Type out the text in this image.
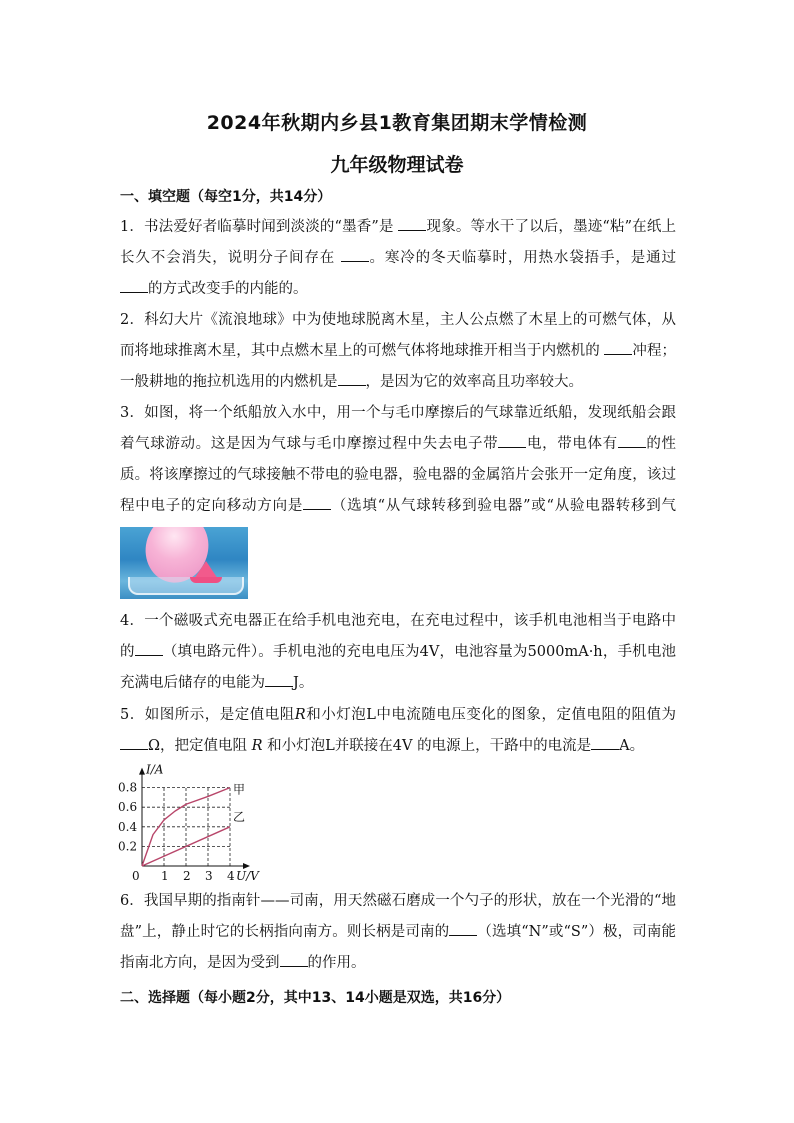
2024年秋期内乡县1教育集团期末学情检测
九年级物理试卷
一、填空题（每空1分，共14分）
1．书法爱好者临摹时闻到淡淡的“墨香”是 现象。等水干了以后，墨迹“粘”在纸上长久不会消失，说明分子间存在 。寒冷的冬天临摹时，用热水袋捂手，是通过 的方式改变手的内能的。
2．科幻大片《流浪地球》中为使地球脱离木星，主人公点燃了木星上的可燃气体，从而将地球推离木星，其中点燃木星上的可燃气体将地球推开相当于内燃机的 冲程；一般耕地的拖拉机选用的内燃机是 ，是因为它的效率高且功率较大。
3．如图，将一个纸船放入水中，用一个与毛巾摩擦后的气球靠近纸船，发现纸船会跟着气球游动。这是因为气球与毛巾摩擦过程中失去电子带 电，带电体有 的性质。将该摩擦过的气球接触不带电的验电器，验电器的金属箔片会张开一定角度，该过程中电子的定向移动方向是 （选填“从气球转移到验电器”或“从验电器转移到气
4．一个磁吸式充电器正在给手机电池充电，在充电过程中，该手机电池相当于电路中的 （填电路元件）。手机电池的充电电压为4V，电池容量为5000mA·h，手机电池充满电后储存的电能为 J。
5．如图所示，是定值电阻R和小灯泡L中电流随电压变化的图象，定值电阻的阻值为Ω，把定值电阻 R 和小灯泡L并联接在4V 的电源上，干路中的电流是 A。
0 1 2 3 4
0.2
0.4
0.6
0.8
U/V
I/A
甲
乙
6．我国早期的指南针——司南，用天然磁石磨成一个勺子的形状，放在一个光滑的“地盘”上，静止时它的长柄指向南方。则长柄是司南的 （选填“N”或“S”）极，司南能指南北方向，是因为受到 的作用。
二、选择题（每小题2分，其中13、14小题是双选，共16分）
